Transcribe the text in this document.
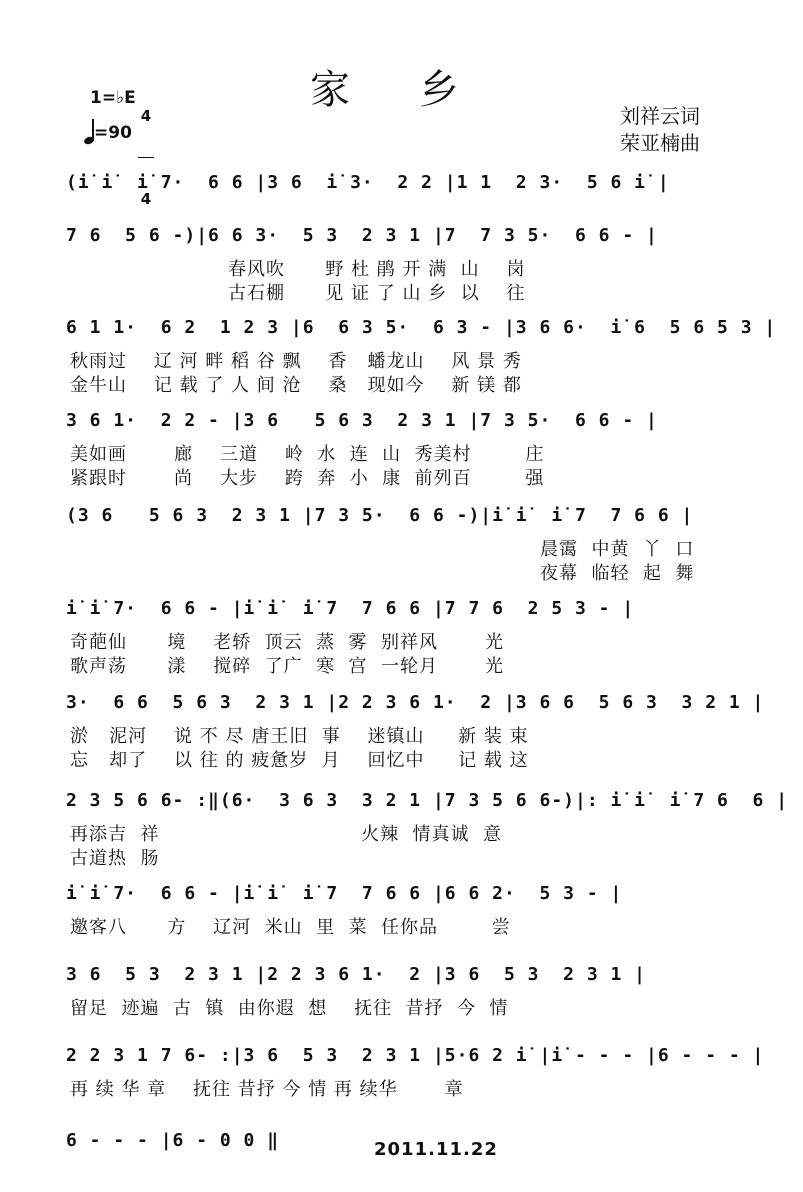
家 乡
1=♭E

4

4

=90
刘祥云词
荣亚楠曲
(i̇ i̇  i̇ 7·  6 6 |3 6  i̇ 3·  2 2 |1 1  2 3·  5 6 i̇ |
7 6  5 6 -)|6 6 3·  5 3  2 3 1 |7  7 3 5·  6 6 - |
春风吹      野 杜 鹃 开 满  山    岗
古石棚      见 证 了 山 乡  以    往
6 1 1·  6 2  1 2 3 |6  6 3 5·  6 3 - |3 6 6·  i̇ 6  5 6 5 3 |
秋雨过    辽 河 畔 稻 谷 飘    香   蟠龙山    风 景 秀
金牛山    记 载 了 人 间 沧    桑   现如今    新 镁 都
3 6 1·  2 2 - |3 6   5 6 3  2 3 1 |7 3 5·  6 6 - |
美如画       廊    三道    岭  水  连  山  秀美村        庄
紧跟时       尚    大步    跨  奔  小  康  前列百        强
(3 6   5 6 3  2 3 1 |7 3 5·  6 6 -)|i̇ i̇  i̇ 7  7 6 6 |
晨霭  中黄  丫  口
夜幕  临轻  起  舞
i̇ i̇ 7·  6 6 - |i̇ i̇  i̇ 7  7 6 6 |7 7 6  2 5 3 - |
奇葩仙      境    老轿  顶云  蒸  雾  别祥风       光
歌声荡      漾    搅碎  了广  寒  宫  一轮月       光
3·  6 6  5 6 3  2 3 1 |2 2 3 6 1·  2 |3 6 6  5 6 3  3 2 1 |
淤   泥河    说 不 尽 唐王旧  事    迷镇山     新 装 束
忘   却了    以 往 的 疲惫岁  月    回忆中     记 载 这
2 3 5 6 6- :‖(6·  3 6 3  3 2 1 |7 3 5 6 6-)|: i̇ i̇  i̇ 7 6  6 |
再添吉  祥                              火辣  情真诚  意
古道热  肠
i̇ i̇ 7·  6 6 - |i̇ i̇  i̇ 7  7 6 6 |6 6 2·  5 3 - |
邀客八      方    辽河  米山  里  菜  任你品        尝
3 6  5 3  2 3 1 |2 2 3 6 1·  2 |3 6  5 3  2 3 1 |
留足  迹遍  古  镇  由你遐  想    抚往  昔抒  今  情
2 2 3 1 7 6- :|3 6  5 3  2 3 1 |5·6 2 i̇ |i̇ - - - |6 - - - |
再 续 华 章    抚往 昔抒 今 情 再 续华       章
6 - - - |6 - 0 0 ‖	2011.11.22
